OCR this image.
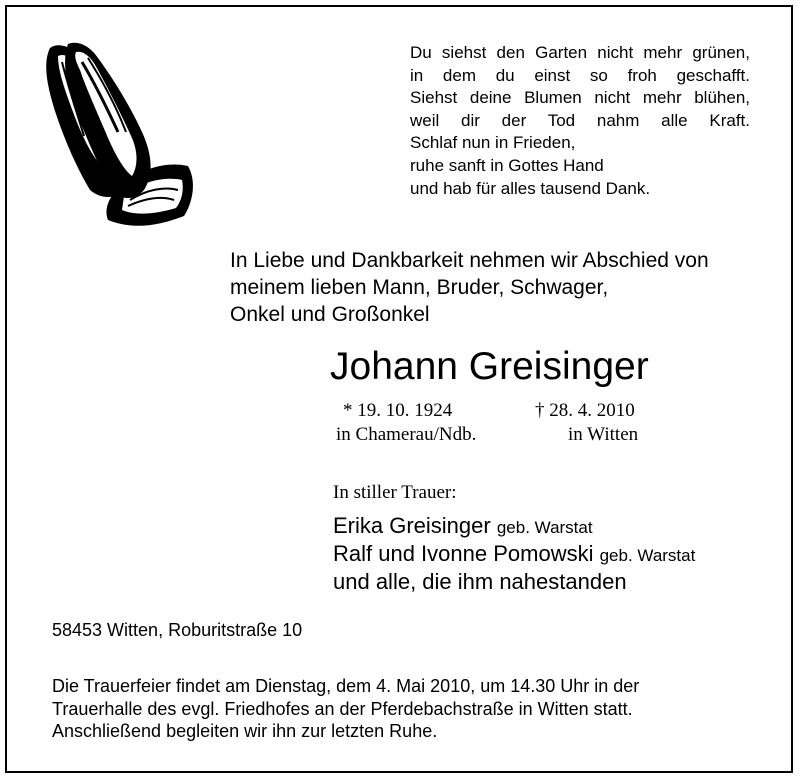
Du siehst den Garten nicht mehr grünen,
in dem du einst so froh geschafft.
Siehst deine Blumen nicht mehr blühen,
weil dir der Tod nahm alle Kraft.
Schlaf nun in Frieden,
ruhe sanft in Gottes Hand
und hab für alles tausend Dank.
In Liebe und Dankbarkeit nehmen wir Abschied von
meinem lieben Mann, Bruder, Schwager,
Onkel und Großonkel
Johann Greisinger
* 19. 10. 1924
in Chamerau/Ndb.
† 28. 4. 2010
in Witten
In stiller Trauer:
Erika Greisinger geb. Warstat
Ralf und Ivonne Pomowski geb. Warstat
und alle, die ihm nahestanden
58453 Witten, Roburitstraße 10
Die Trauerfeier findet am Dienstag, dem 4. Mai 2010, um 14.30 Uhr in der
Trauerhalle des evgl. Friedhofes an der Pferdebachstraße in Witten statt.
Anschließend begleiten wir ihn zur letzten Ruhe.
